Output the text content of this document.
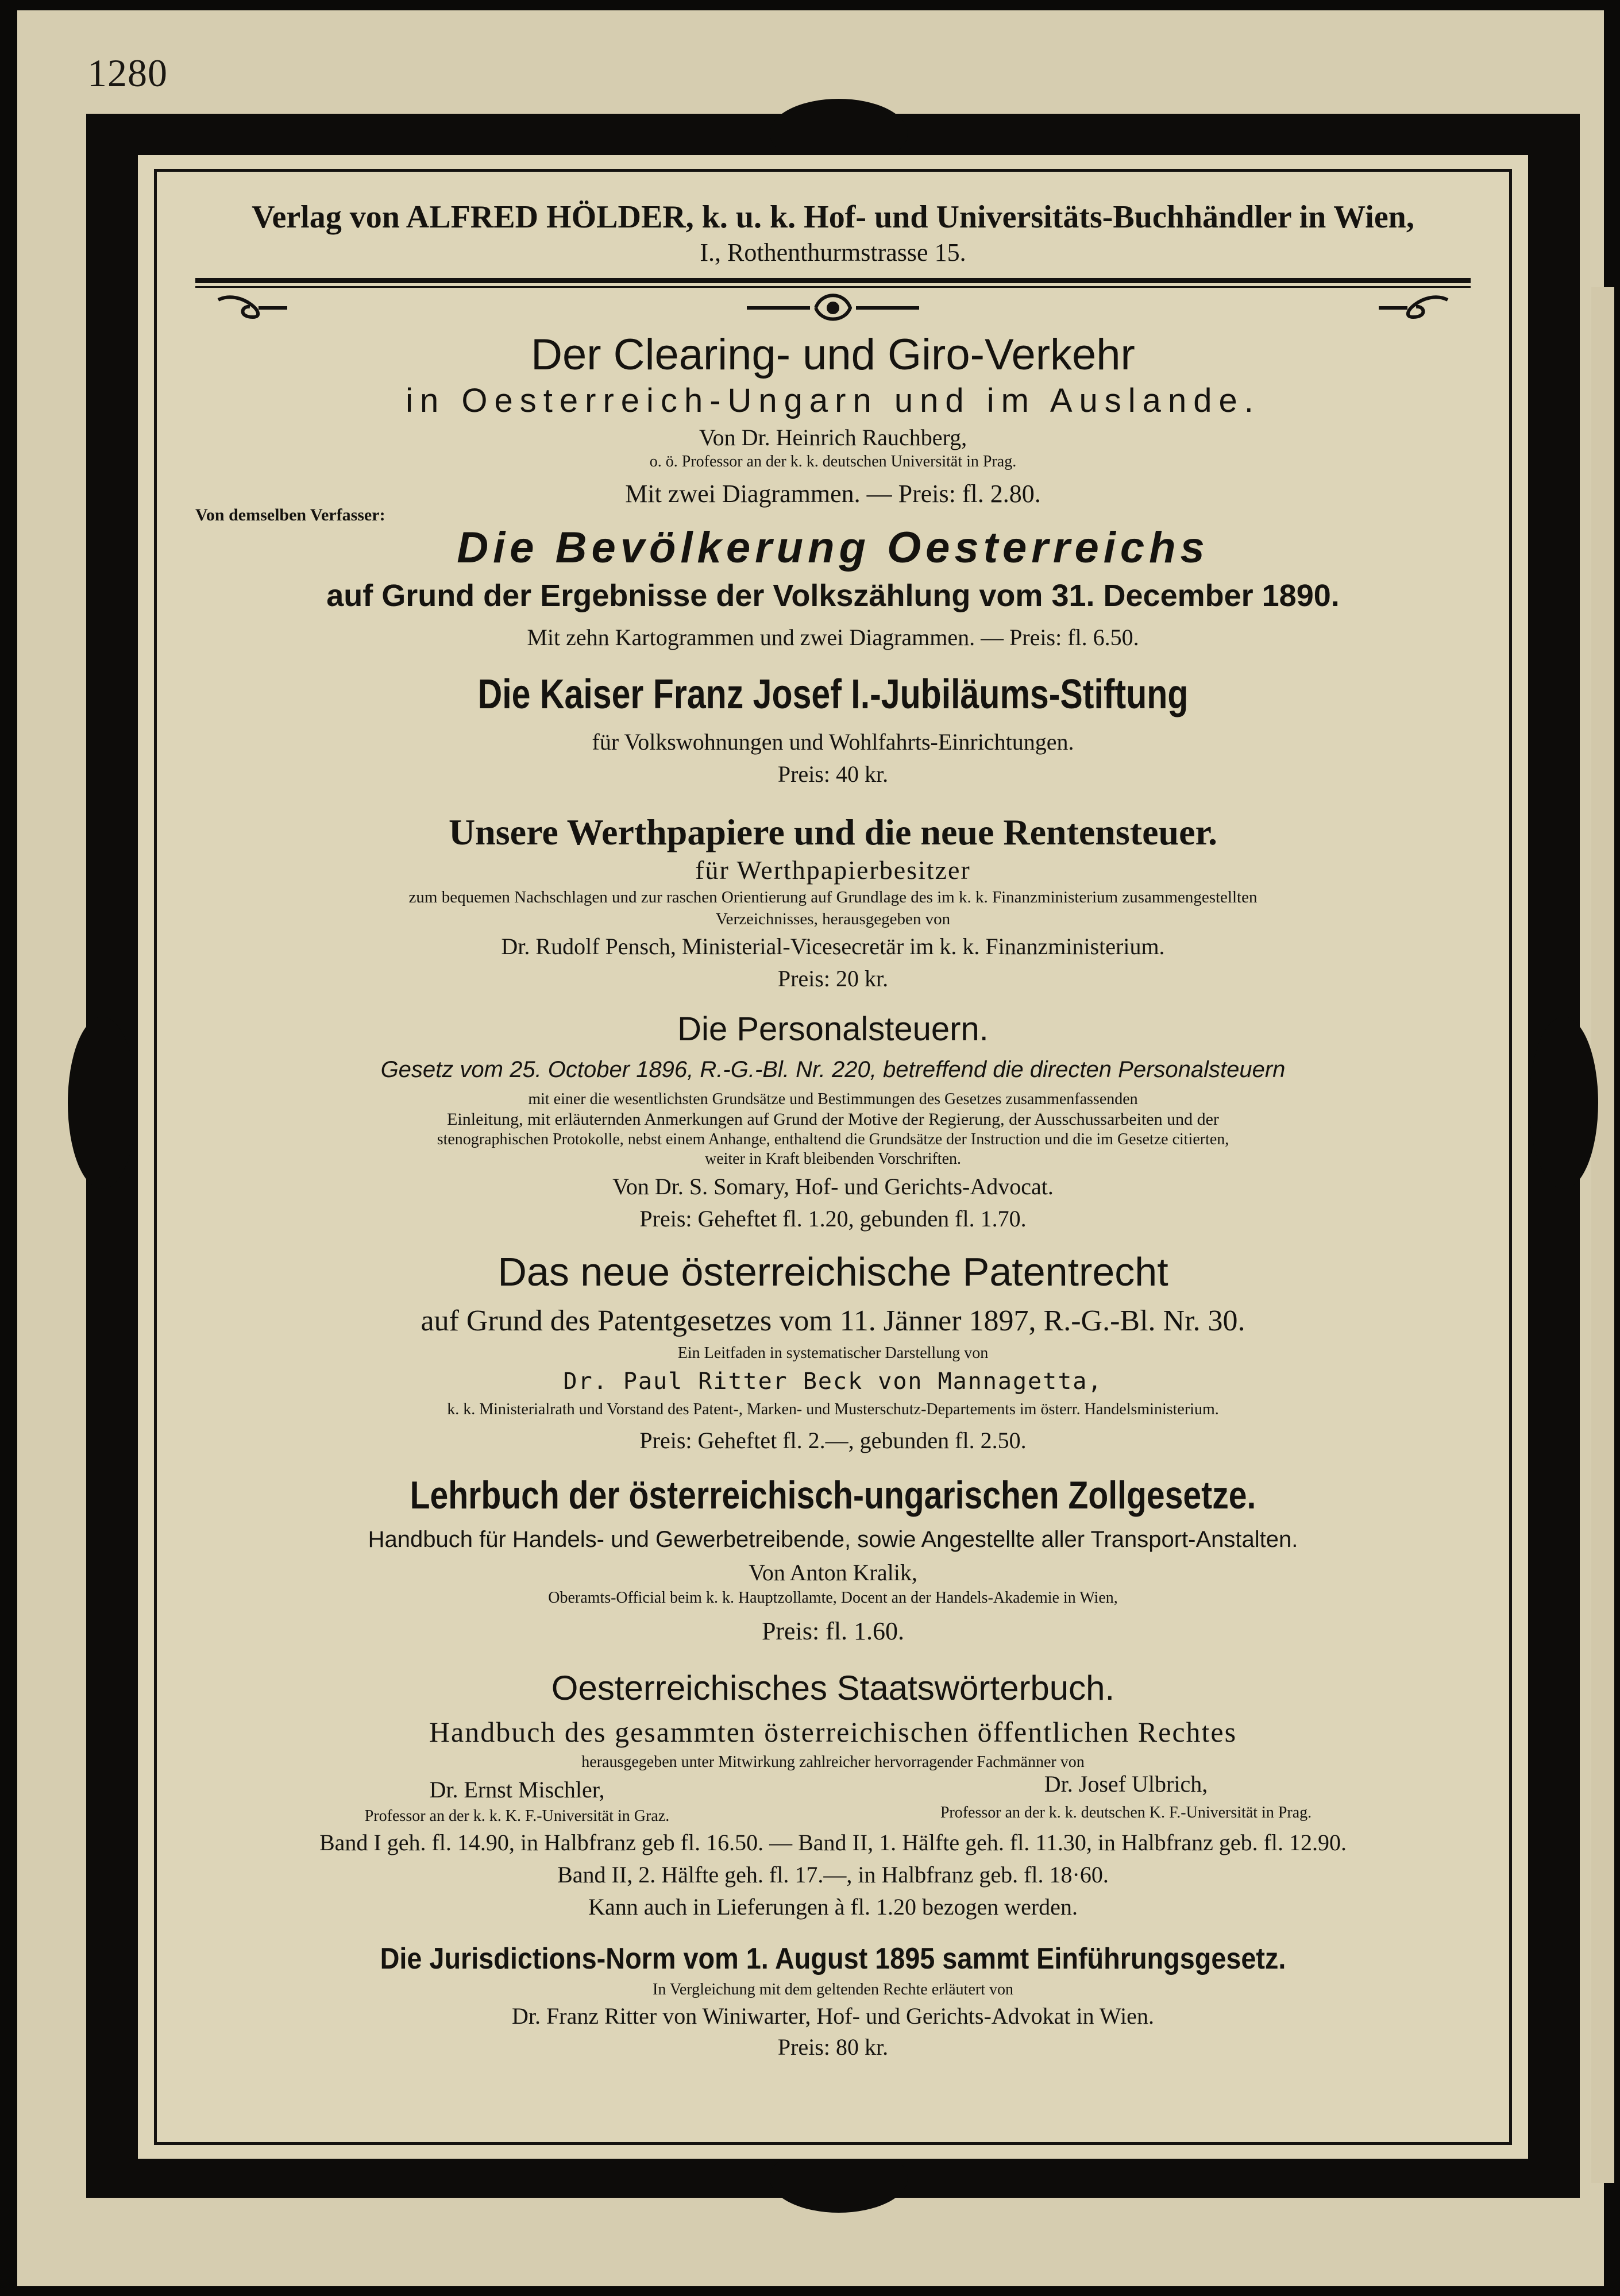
1280
Verlag von ALFRED HÖLDER, k. u. k. Hof- und Universitäts-Buchhändler in Wien,
I., Rothenthurmstrasse 15.
Der Clearing- und Giro-Verkehr
in Oesterreich-Ungarn und im Auslande.
Von Dr. Heinrich Rauchberg,
o. ö. Professor an der k. k. deutschen Universität in Prag.
Mit zwei Diagrammen. — Preis: fl. 2.80.
Von demselben Verfasser:
Die Bevölkerung Oesterreichs
auf Grund der Ergebnisse der Volkszählung vom 31. December 1890.
Mit zehn Kartogrammen und zwei Diagrammen. — Preis: fl. 6.50.
Die Kaiser Franz Josef I.-Jubiläums-Stiftung
für Volkswohnungen und Wohlfahrts-Einrichtungen.
Preis: 40 kr.
Unsere Werthpapiere und die neue Rentensteuer.
für Werthpapierbesitzer
zum bequemen Nachschlagen und zur raschen Orientierung auf Grundlage des im k. k. Finanzministerium zusammengestellten
Verzeichnisses, herausgegeben von
Dr. Rudolf Pensch, Ministerial-Vicesecretär im k. k. Finanzministerium.
Preis: 20 kr.
Die Personalsteuern.
Gesetz vom 25. October 1896, R.-G.-Bl. Nr. 220, betreffend die directen Personalsteuern
mit einer die wesentlichsten Grundsätze und Bestimmungen des Gesetzes zusammenfassenden
Einleitung, mit erläuternden Anmerkungen auf Grund der Motive der Regierung, der Ausschussarbeiten und der
stenographischen Protokolle, nebst einem Anhange, enthaltend die Grundsätze der Instruction und die im Gesetze citierten,
weiter in Kraft bleibenden Vorschriften.
Von Dr. S. Somary, Hof- und Gerichts-Advocat.
Preis: Geheftet fl. 1.20, gebunden fl. 1.70.
Das neue österreichische Patentrecht
auf Grund des Patentgesetzes vom 11. Jänner 1897, R.-G.-Bl. Nr. 30.
Ein Leitfaden in systematischer Darstellung von
Dr. Paul Ritter Beck von Mannagetta,
k. k. Ministerialrath und Vorstand des Patent-, Marken- und Musterschutz-Departements im österr. Handelsministerium.
Preis: Geheftet fl. 2.—, gebunden fl. 2.50.
Lehrbuch der österreichisch-ungarischen Zollgesetze.
Handbuch für Handels- und Gewerbetreibende, sowie Angestellte aller Transport-Anstalten.
Von Anton Kralik,
Oberamts-Official beim k. k. Hauptzollamte, Docent an der Handels-Akademie in Wien,
Preis: fl. 1.60.
Oesterreichisches Staatswörterbuch.
Handbuch des gesammten österreichischen öffentlichen Rechtes
herausgegeben unter Mitwirkung zahlreicher hervorragender Fachmänner von
Dr. Ernst Mischler,
Professor an der k. k. K. F.-Universität in Graz.
Dr. Josef Ulbrich,
Professor an der k. k. deutschen K. F.-Universität in Prag.
Band I geh. fl. 14.90, in Halbfranz geb fl. 16.50. — Band II, 1. Hälfte geh. fl. 11.30, in Halbfranz geb. fl. 12.90.
Band II, 2. Hälfte geh. fl. 17.—, in Halbfranz geb. fl. 18·60.
Kann auch in Lieferungen à fl. 1.20 bezogen werden.
Die Jurisdictions-Norm vom 1. August 1895 sammt Einführungsgesetz.
In Vergleichung mit dem geltenden Rechte erläutert von
Dr. Franz Ritter von Winiwarter, Hof- und Gerichts-Advokat in Wien.
Preis: 80 kr.
